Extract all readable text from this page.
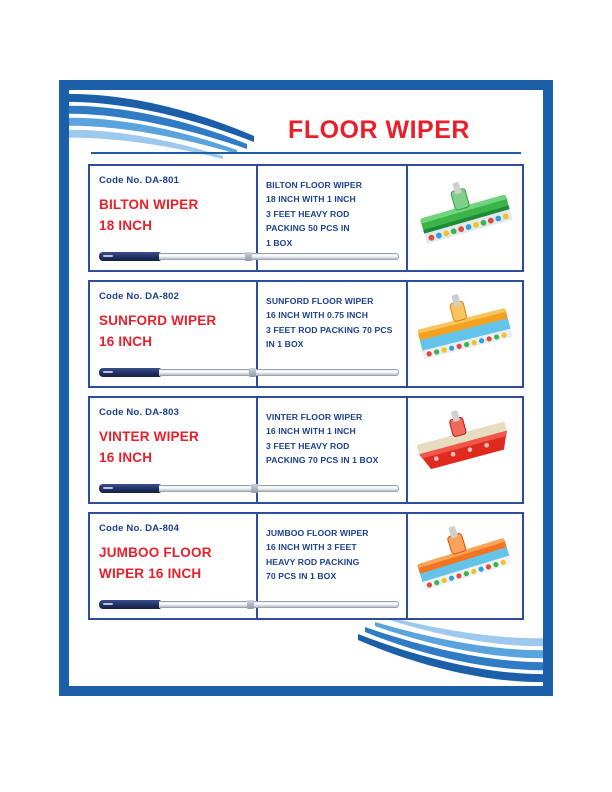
FLOOR WIPER
Code No. DA-801
BILTON WIPER
18 INCH
BILTON FLOOR WIPER
18 INCH WITH 1 INCH
3 FEET HEAVY ROD
PACKING 50 PCS IN
1 BOX
Code No. DA-802
SUNFORD WIPER
16 INCH
SUNFORD FLOOR WIPER
16 INCH WITH 0.75 INCH
3 FEET ROD PACKING 70 PCS
IN 1 BOX
Code No. DA-803
VINTER WIPER
16 INCH
VINTER FLOOR WIPER
16 INCH WITH 1 INCH
3 FEET HEAVY ROD
PACKING 70 PCS IN 1 BOX
Code No. DA-804
JUMBOO FLOOR
WIPER 16 INCH
JUMBOO FLOOR WIPER
16 INCH WITH 3 FEET
HEAVY ROD PACKING
70 PCS IN 1 BOX
